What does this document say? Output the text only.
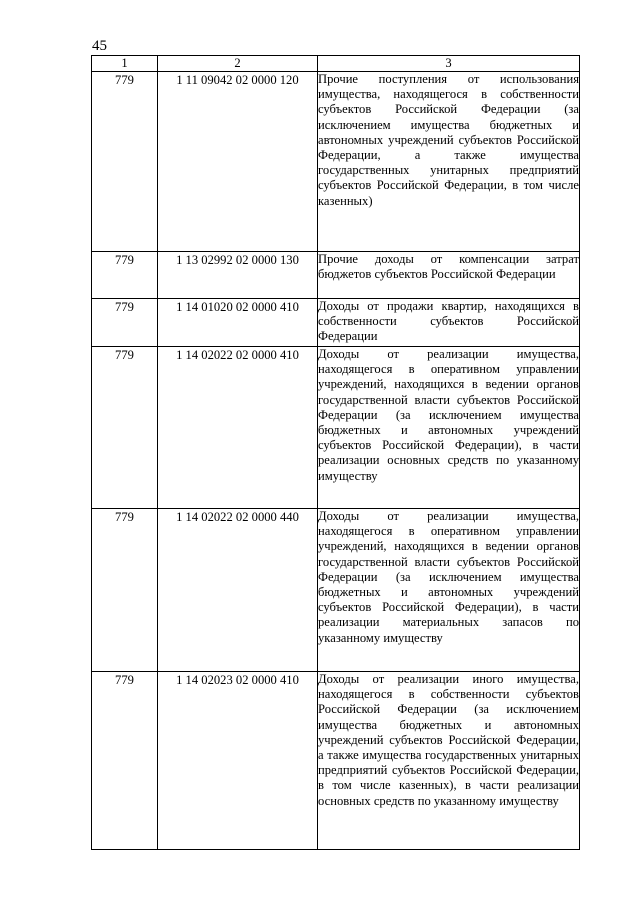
45
1	2	3
779	1 11 09042 02 0000 120	Прочие поступления от использования имущества, находящегося в собственности субъектов Российской Федерации (за исключением имущества бюджетных и автономных учреждений субъектов Российской Федерации, а также имущества государственных унитарных предприятий субъектов Российской Федерации, в том числе казенных)
779	1 13 02992 02 0000 130	Прочие доходы от компенсации затрат бюджетов субъектов Российской Федерации
779	1 14 01020 02 0000 410	Доходы от продажи квартир, находящихся в собственности субъектов Российской Федерации
779	1 14 02022 02 0000 410	Доходы от реализации имущества, находящегося в оперативном управлении учреждений, находящихся в ведении органов государственной власти субъектов Российской Федерации (за исключением имущества бюджетных и автономных учреждений субъектов Российской Федерации), в части реализации основных средств по указанному имуществу
779	1 14 02022 02 0000 440	Доходы от реализации имущества, находящегося в оперативном управлении учреждений, находящихся в ведении органов государственной власти субъектов Российской Федерации (за исключением имущества бюджетных и автономных учреждений субъектов Российской Федерации), в части реализации материальных запасов по указанному имуществу
779	1 14 02023 02 0000 410	Доходы от реализации иного имущества, находящегося в собственности субъектов Российской Федерации (за исключением имущества бюджетных и автономных учреждений субъектов Российской Федерации, а также имущества государственных унитарных предприятий субъектов Российской Федерации, в том числе казенных), в части реализации основных средств по указанному имуществу
